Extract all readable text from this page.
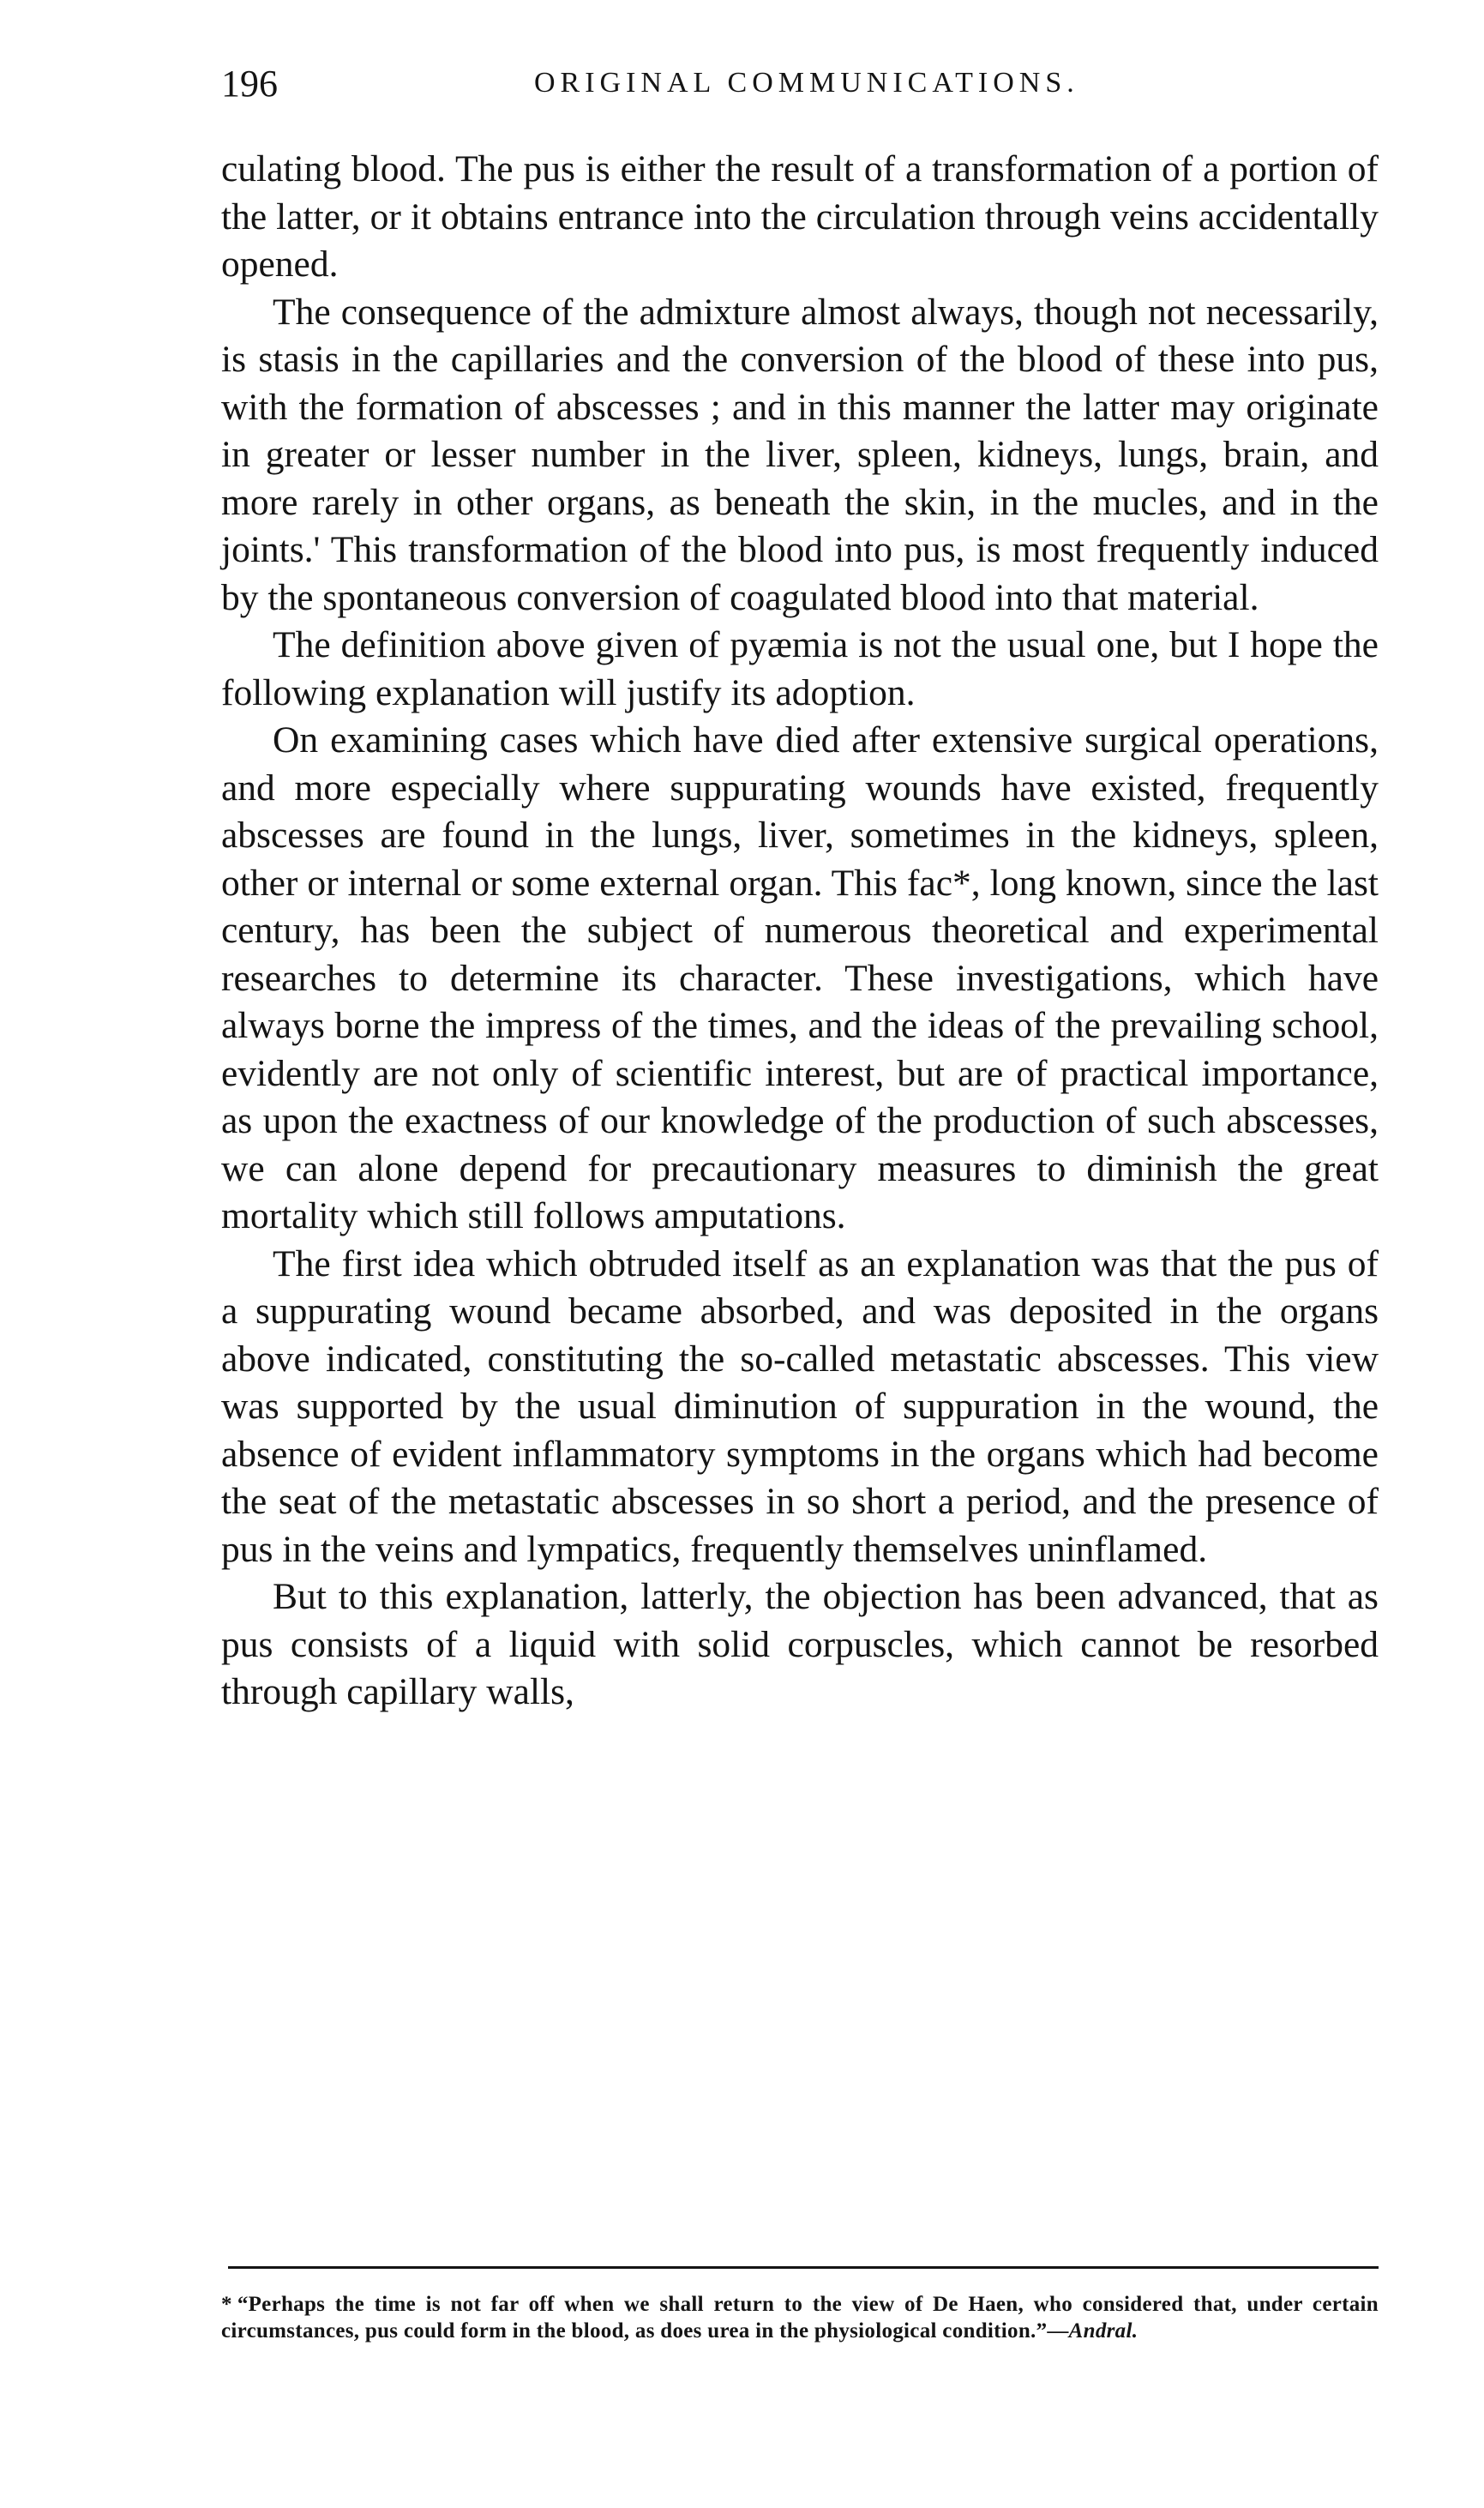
196	ORIGINAL COMMUNICATIONS.

culating blood. The pus is either the result of a transformation of a portion of the latter, or it obtains entrance into the circulation through veins accidentally opened.

The consequence of the admixture almost always, though not necessarily, is stasis in the capillaries and the conversion of the blood of these into pus, with the formation of abscesses ; and in this manner the latter may originate in greater or lesser number in the liver, spleen, kidneys, lungs, brain, and more rarely in other organs, as beneath the skin, in the mucles, and in the joints.' This transformation of the blood into pus, is most frequently induced by the spontaneous conversion of coagulated blood into that material.

The definition above given of pyæmia is not the usual one, but I hope the following explanation will justify its adoption.

On examining cases which have died after extensive surgical operations, and more especially where suppurating wounds have existed, frequently abscesses are found in the lungs, liver, sometimes in the kidneys, spleen, other or internal or some external organ. This fac*, long known, since the last century, has been the subject of numerous theoretical and experimental researches to determine its character. These investigations, which have always borne the impress of the times, and the ideas of the prevailing school, evidently are not only of scientific interest, but are of practical importance, as upon the exactness of our knowledge of the production of such abscesses, we can alone depend for precautionary measures to diminish the great mortality which still follows amputations.

The first idea which obtruded itself as an explanation was that the pus of a suppurating wound became absorbed, and was deposited in the organs above indicated, constituting the so-called metastatic abscesses. This view was supported by the usual diminution of suppuration in the wound, the absence of evident inflammatory symptoms in the organs which had become the seat of the metastatic abscesses in so short a period, and the presence of pus in the veins and lympatics, frequently themselves uninflamed.

But to this explanation, latterly, the objection has been advanced, that as pus consists of a liquid with solid corpuscles, which cannot be resorbed through capillary walls,

* “Perhaps the time is not far off when we shall return to the view of De Haen, who considered that, under certain circumstances, pus could form in the blood, as does urea in the physiological condition.”—Andral.
